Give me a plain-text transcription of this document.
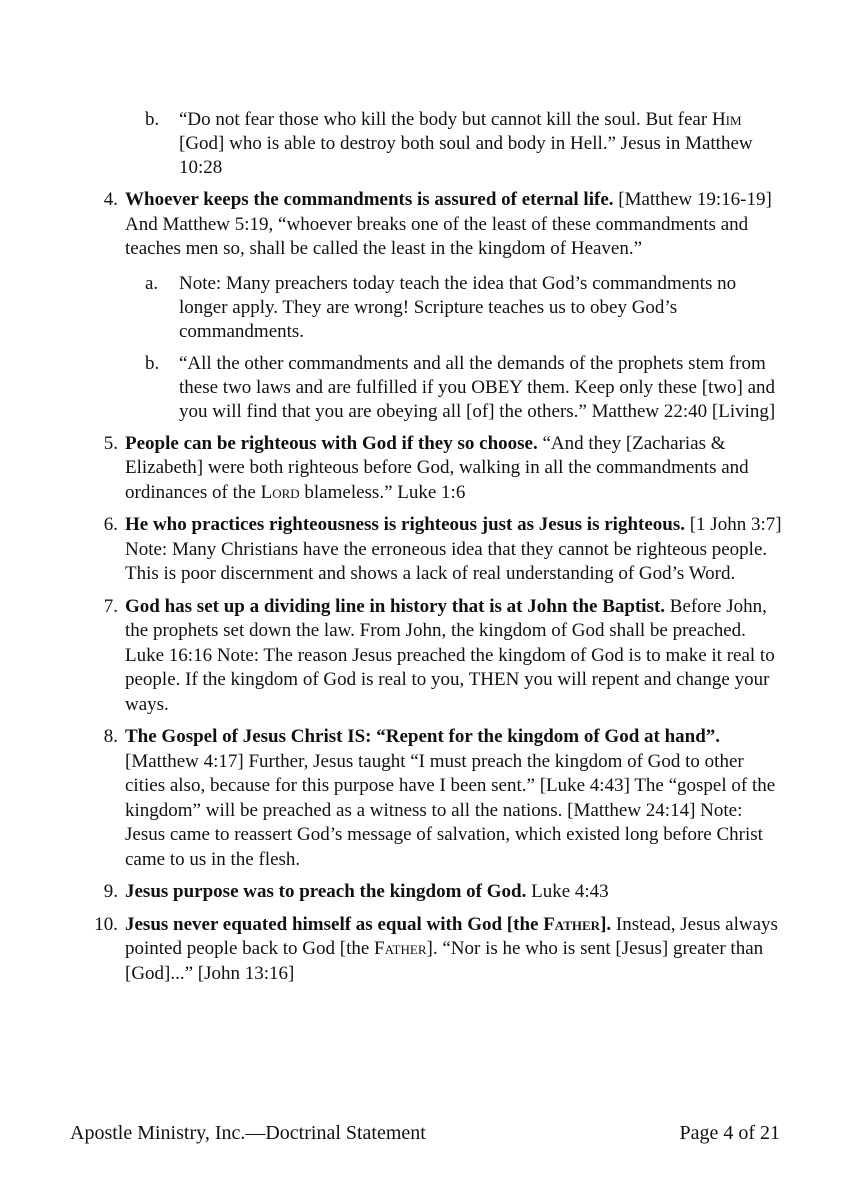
b. “Do not fear those who kill the body but cannot kill the soul. But fear Him [God] who is able to destroy both soul and body in Hell.” Jesus in Matthew 10:28
4. Whoever keeps the commandments is assured of eternal life. [Matthew 19:16-19] And Matthew 5:19, “whoever breaks one of the least of these commandments and teaches men so, shall be called the least in the kingdom of Heaven.”
a. Note: Many preachers today teach the idea that God’s commandments no longer apply. They are wrong! Scripture teaches us to obey God’s commandments.
b. “All the other commandments and all the demands of the prophets stem from these two laws and are fulfilled if you OBEY them. Keep only these [two] and you will find that you are obeying all [of] the others.” Matthew 22:40 [Living]
5. People can be righteous with God if they so choose. “And they [Zacharias & Elizabeth] were both righteous before God, walking in all the commandments and ordinances of the Lord blameless.” Luke 1:6
6. He who practices righteousness is righteous just as Jesus is righteous. [1 John 3:7] Note: Many Christians have the erroneous idea that they cannot be righteous people. This is poor discernment and shows a lack of real understanding of God’s Word.
7. God has set up a dividing line in history that is at John the Baptist. Before John, the prophets set down the law. From John, the kingdom of God shall be preached. Luke 16:16 Note: The reason Jesus preached the kingdom of God is to make it real to people. If the kingdom of God is real to you, THEN you will repent and change your ways.
8. The Gospel of Jesus Christ IS: “Repent for the kingdom of God at hand”. [Matthew 4:17] Further, Jesus taught “I must preach the kingdom of God to other cities also, because for this purpose have I been sent.” [Luke 4:43] The “gospel of the kingdom” will be preached as a witness to all the nations. [Matthew 24:14] Note: Jesus came to reassert God’s message of salvation, which existed long before Christ came to us in the flesh.
9. Jesus purpose was to preach the kingdom of God. Luke 4:43
10. Jesus never equated himself as equal with God [the Father]. Instead, Jesus always pointed people back to God [the Father]. “Nor is he who is sent [Jesus] greater than [God]...” [John 13:16]
Apostle Ministry, Inc.—Doctrinal Statement	Page 4 of 21
